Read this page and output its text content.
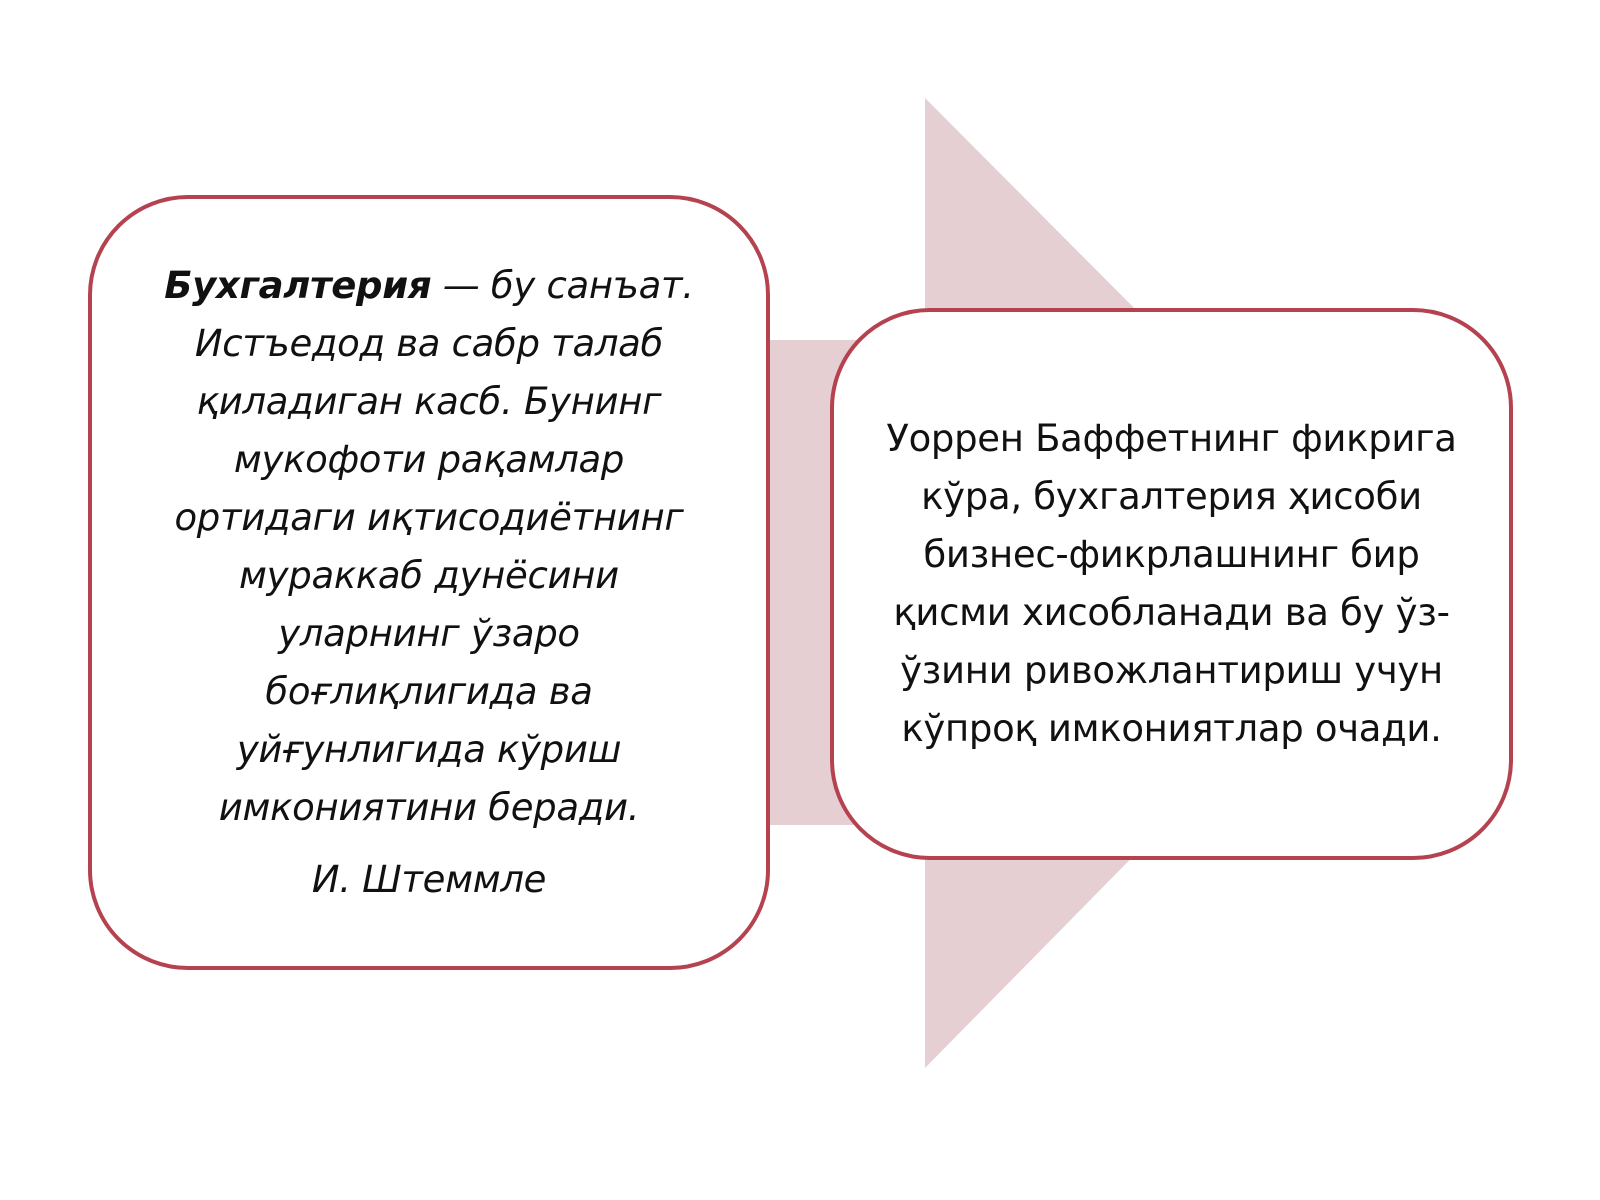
Бухгалтерия — бу санъат. Истъедод ва сабр талаб қиладиган касб. Бунинг мукофоти рақамлар ортидаги иқтисодиётнинг мураккаб дунёсини уларнинг ўзаро боғлиқлигида ва уйғунлигида кўриш имкониятини беради.

И. Штеммле

Уоррен Баффетнинг фикрига кўра, бухгалтерия ҳисоби бизнес-фикрлашнинг бир қисми хисобланади ва бу ўз-ўзини ривожлантириш учун кўпроқ имкониятлар очади.
